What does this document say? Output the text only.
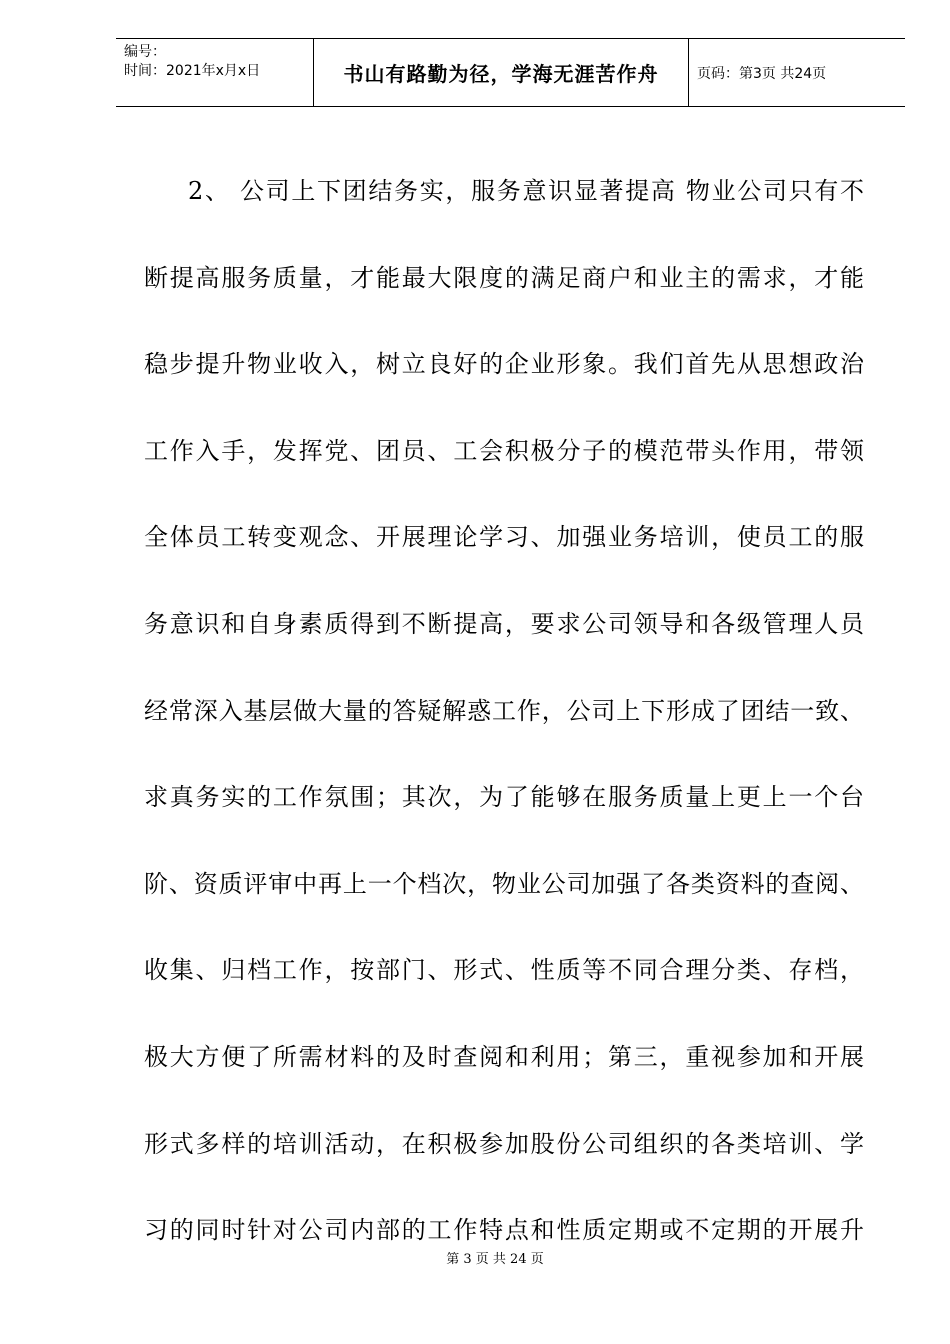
编号：
时间：2021年x月x日	书山有路勤为径，学海无涯苦作舟	页码：第3页 共24页
2、 公司上下团结务实，服务意识显著提高 物业公司只有不
断提高服务质量，才能最大限度的满足商户和业主的需求，才能
稳步提升物业收入，树立良好的企业形象。我们首先从思想政治
工作入手，发挥党、团员、工会积极分子的模范带头作用，带领
全体员工转变观念、开展理论学习、加强业务培训，使员工的服
务意识和自身素质得到不断提高，要求公司领导和各级管理人员
经常深入基层做大量的答疑解惑工作，公司上下形成了团结一致、
求真务实的工作氛围；其次，为了能够在服务质量上更上一个台
阶、资质评审中再上一个档次，物业公司加强了各类资料的查阅、
收集、归档工作，按部门、形式、性质等不同合理分类、存档，
极大方便了所需材料的及时查阅和利用；第三，重视参加和开展
形式多样的培训活动，在积极参加股份公司组织的各类培训、学
习的同时针对公司内部的工作特点和性质定期或不定期的开展升
第 3 页 共 24 页
